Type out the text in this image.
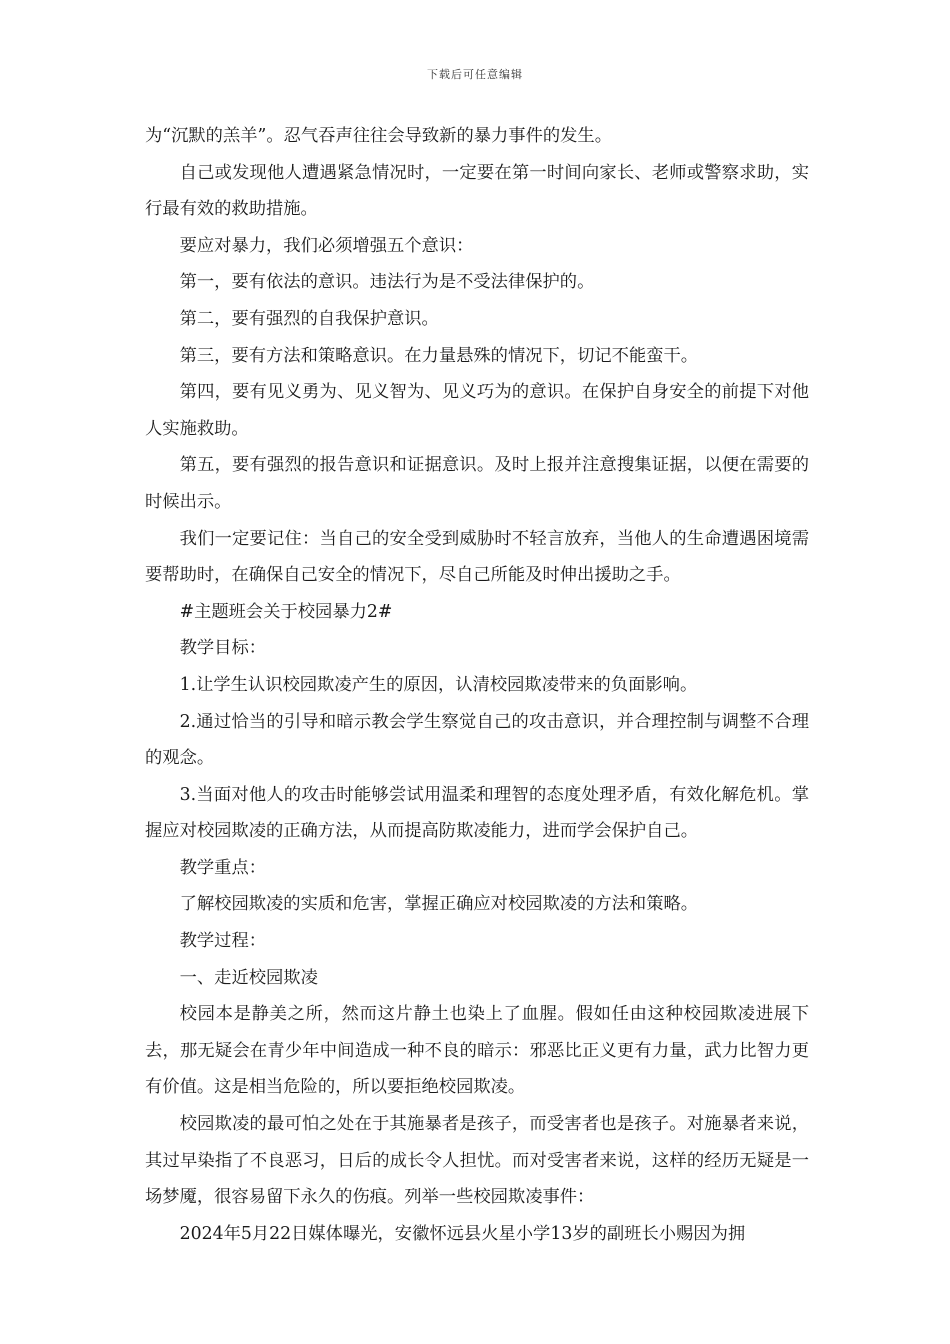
下载后可任意编辑

为“沉默的羔羊”。忍气吞声往往会导致新的暴力事件的发生。

自己或发现他人遭遇紧急情况时，一定要在第一时间向家长、老师或警察求助，实行最有效的救助措施。

要应对暴力，我们必须增强五个意识：

第一，要有依法的意识。违法行为是不受法律保护的。

第二，要有强烈的自我保护意识。

第三，要有方法和策略意识。在力量悬殊的情况下，切记不能蛮干。

第四，要有见义勇为、见义智为、见义巧为的意识。在保护自身安全的前提下对他人实施救助。

第五，要有强烈的报告意识和证据意识。及时上报并注意搜集证据，以便在需要的时候出示。

我们一定要记住：当自己的安全受到威胁时不轻言放弃，当他人的生命遭遇困境需要帮助时，在确保自己安全的情况下，尽自己所能及时伸出援助之手。

#主题班会关于校园暴力2#

教学目标：

1.让学生认识校园欺凌产生的原因，认清校园欺凌带来的负面影响。

2.通过恰当的引导和暗示教会学生察觉自己的攻击意识，并合理控制与调整不合理的观念。

3.当面对他人的攻击时能够尝试用温柔和理智的态度处理矛盾，有效化解危机。掌握应对校园欺凌的正确方法，从而提高防欺凌能力，进而学会保护自己。

教学重点：

了解校园欺凌的实质和危害，掌握正确应对校园欺凌的方法和策略。

教学过程：

一、走近校园欺凌

校园本是静美之所，然而这片静土也染上了血腥。假如任由这种校园欺凌进展下去，那无疑会在青少年中间造成一种不良的暗示：邪恶比正义更有力量，武力比智力更有价值。这是相当危险的，所以要拒绝校园欺凌。

校园欺凌的最可怕之处在于其施暴者是孩子，而受害者也是孩子。对施暴者来说，其过早染指了不良恶习，日后的成长令人担忧。而对受害者来说，这样的经历无疑是一场梦魇，很容易留下永久的伤痕。列举一些校园欺凌事件：

2024年5月22日媒体曝光，安徽怀远县火星小学13岁的副班长小赐因为拥
